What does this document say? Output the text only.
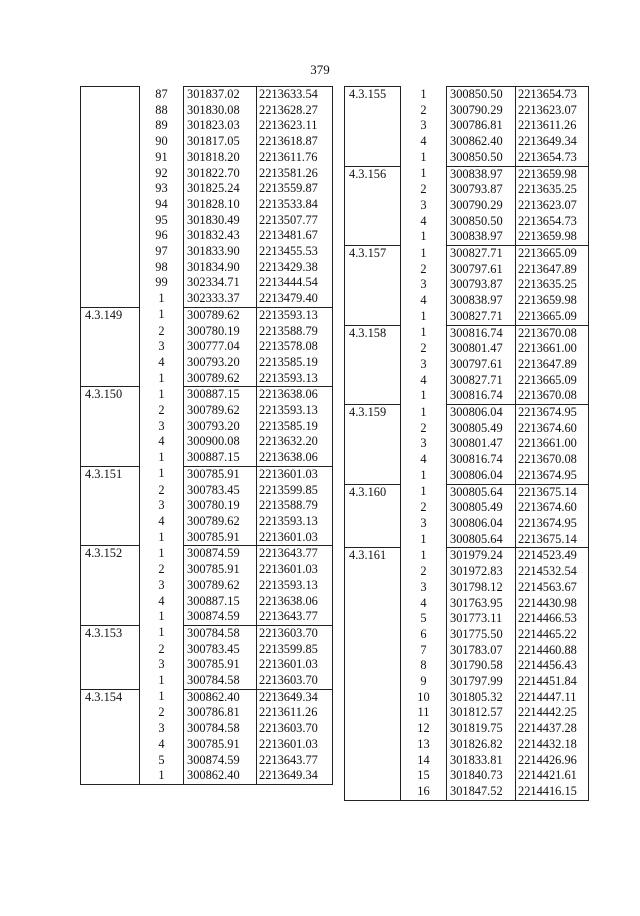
379
	87	301837.02	2213633.54
	88	301830.08	2213628.27
	89	301823.03	2213623.11
	90	301817.05	2213618.87
	91	301818.20	2213611.76
	92	301822.70	2213581.26
	93	301825.24	2213559.87
	94	301828.10	2213533.84
	95	301830.49	2213507.77
	96	301832.43	2213481.67
	97	301833.90	2213455.53
	98	301834.90	2213429.38
	99	302334.71	2213444.54
	1	302333.37	2213479.40
4.3.149	1	300789.62	2213593.13
	2	300780.19	2213588.79
	3	300777.04	2213578.08
	4	300793.20	2213585.19
	1	300789.62	2213593.13
4.3.150	1	300887.15	2213638.06
	2	300789.62	2213593.13
	3	300793.20	2213585.19
	4	300900.08	2213632.20
	1	300887.15	2213638.06
4.3.151	1	300785.91	2213601.03
	2	300783.45	2213599.85
	3	300780.19	2213588.79
	4	300789.62	2213593.13
	1	300785.91	2213601.03
4.3.152	1	300874.59	2213643.77
	2	300785.91	2213601.03
	3	300789.62	2213593.13
	4	300887.15	2213638.06
	1	300874.59	2213643.77
4.3.153	1	300784.58	2213603.70
	2	300783.45	2213599.85
	3	300785.91	2213601.03
	1	300784.58	2213603.70
4.3.154	1	300862.40	2213649.34
	2	300786.81	2213611.26
	3	300784.58	2213603.70
	4	300785.91	2213601.03
	5	300874.59	2213643.77
	1	300862.40	2213649.34
4.3.155	1	300850.50	2213654.73
	2	300790.29	2213623.07
	3	300786.81	2213611.26
	4	300862.40	2213649.34
	1	300850.50	2213654.73
4.3.156	1	300838.97	2213659.98
	2	300793.87	2213635.25
	3	300790.29	2213623.07
	4	300850.50	2213654.73
	1	300838.97	2213659.98
4.3.157	1	300827.71	2213665.09
	2	300797.61	2213647.89
	3	300793.87	2213635.25
	4	300838.97	2213659.98
	1	300827.71	2213665.09
4.3.158	1	300816.74	2213670.08
	2	300801.47	2213661.00
	3	300797.61	2213647.89
	4	300827.71	2213665.09
	1	300816.74	2213670.08
4.3.159	1	300806.04	2213674.95
	2	300805.49	2213674.60
	3	300801.47	2213661.00
	4	300816.74	2213670.08
	1	300806.04	2213674.95
4.3.160	1	300805.64	2213675.14
	2	300805.49	2213674.60
	3	300806.04	2213674.95
	1	300805.64	2213675.14
4.3.161	1	301979.24	2214523.49
	2	301972.83	2214532.54
	3	301798.12	2214563.67
	4	301763.95	2214430.98
	5	301773.11	2214466.53
	6	301775.50	2214465.22
	7	301783.07	2214460.88
	8	301790.58	2214456.43
	9	301797.99	2214451.84
	10	301805.32	2214447.11
	11	301812.57	2214442.25
	12	301819.75	2214437.28
	13	301826.82	2214432.18
	14	301833.81	2214426.96
	15	301840.73	2214421.61
	16	301847.52	2214416.15
